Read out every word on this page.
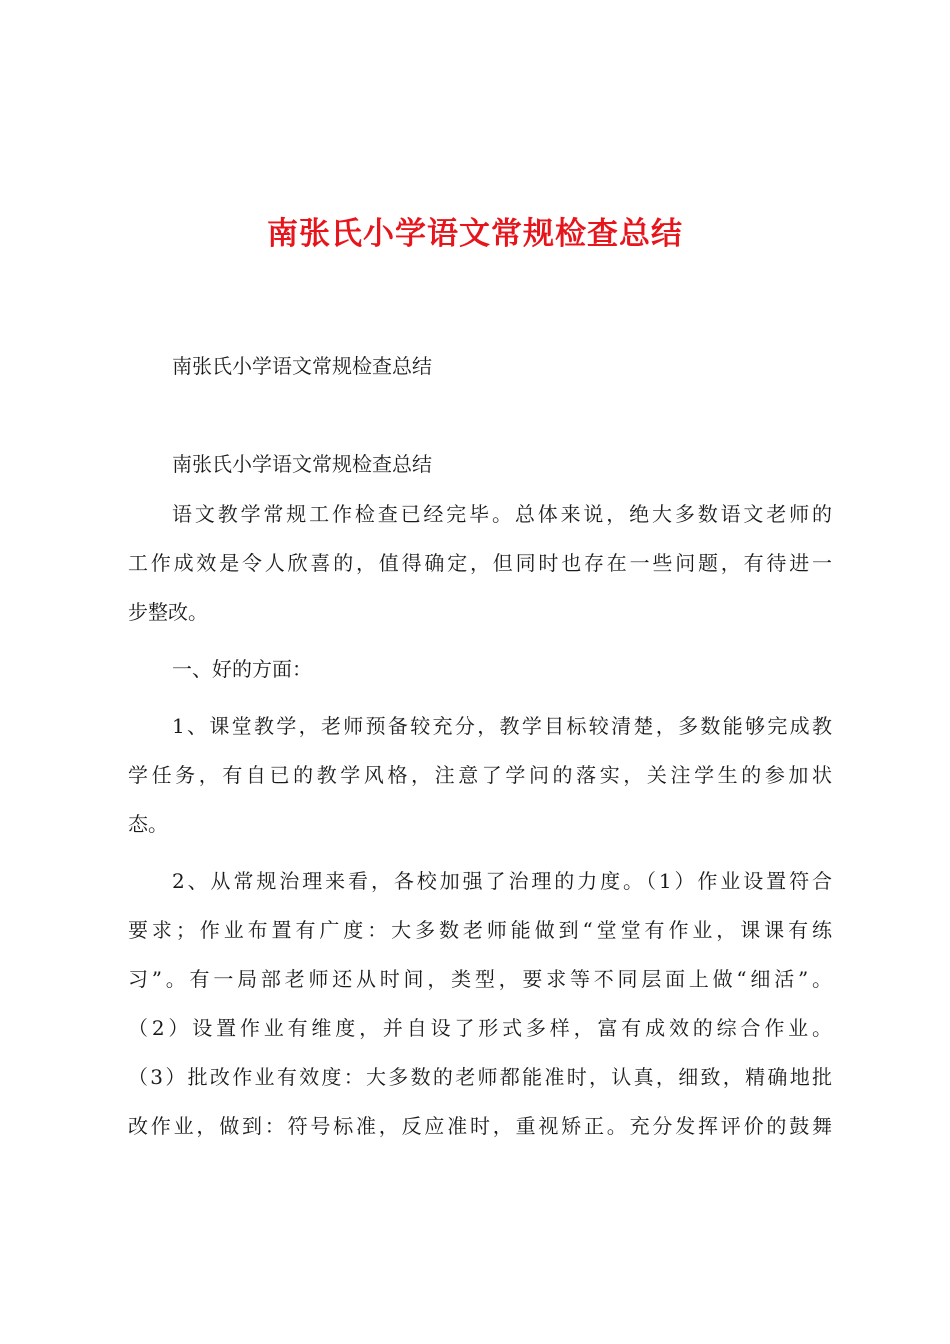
南张氏小学语文常规检查总结
南张氏小学语文常规检查总结
南张氏小学语文常规检查总结
语文教学常规工作检查已经完毕。总体来说，绝大多数语文老师的
工作成效是令人欣喜的，值得确定，但同时也存在一些问题，有待进一
步整改。
一、好的方面：
1、课堂教学，老师预备较充分，教学目标较清楚，多数能够完成教
学任务，有自已的教学风格，注意了学问的落实，关注学生的参加状
态。
2、从常规治理来看，各校加强了治理的力度。（1）作业设置符合
要求；作业布置有广度：大多数老师能做到“堂堂有作业，课课有练
习”。有一局部老师还从时间，类型，要求等不同层面上做“细活”。
（2）设置作业有维度，并自设了形式多样，富有成效的综合作业。
（3）批改作业有效度：大多数的老师都能准时，认真，细致，精确地批
改作业，做到：符号标准，反应准时，重视矫正。充分发挥评价的鼓舞
